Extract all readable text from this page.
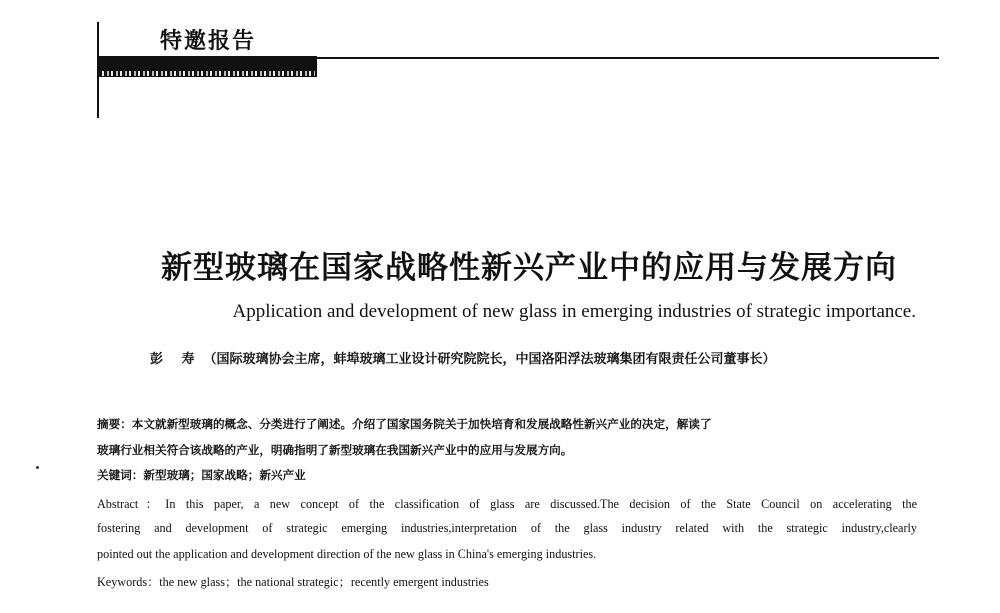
特邀报告
新型玻璃在国家战略性新兴产业中的应用与发展方向
Application and development of new glass in emerging industries of strategic importance.
彭 寿 （国际玻璃协会主席，蚌埠玻璃工业设计研究院院长，中国洛阳浮法玻璃集团有限责任公司董事长）
摘要：本文就新型玻璃的概念、分类进行了阐述。介绍了国家国务院关于加快培育和发展战略性新兴产业的决定，解读了
玻璃行业相关符合该战略的产业，明确指明了新型玻璃在我国新兴产业中的应用与发展方向。
关键词：新型玻璃；国家战略；新兴产业
Abstract：In this paper, a new concept of the classification of glass are discussed.The decision of the State Council on accelerating the
fostering and development of strategic emerging industries,interpretation of the glass industry related with the strategic industry,clearly
pointed out the application and development direction of the new glass in China's emerging industries.
Keywords：the new glass；the national strategic；recently emergent industries
